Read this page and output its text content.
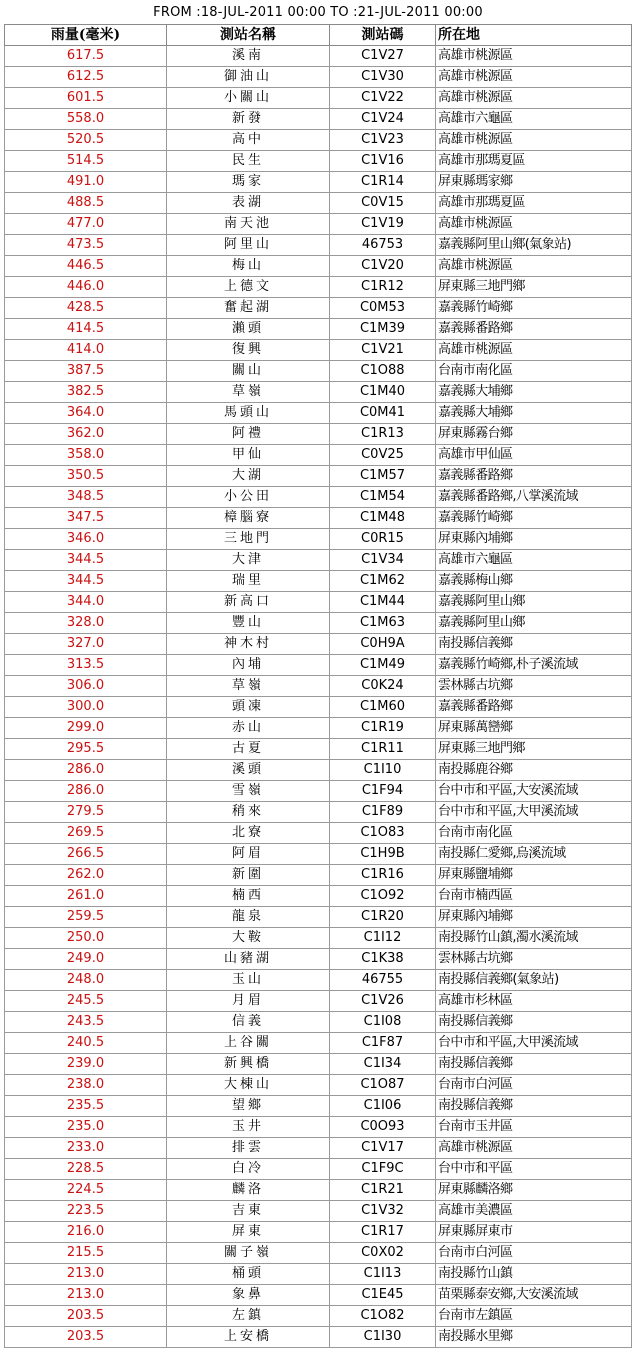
FROM :18-JUL-2011 00:00 TO :21-JUL-2011 00:00
雨量(毫米)	測站名稱	測站碼	所在地
617.5	溪南	C1V27	高雄市桃源區
612.5	御油山	C1V30	高雄市桃源區
601.5	小關山	C1V22	高雄市桃源區
558.0	新發	C1V24	高雄市六龜區
520.5	高中	C1V23	高雄市桃源區
514.5	民生	C1V16	高雄市那瑪夏區
491.0	瑪家	C1R14	屏東縣瑪家鄉
488.5	表湖	C0V15	高雄市那瑪夏區
477.0	南天池	C1V19	高雄市桃源區
473.5	阿里山	46753	嘉義縣阿里山鄉(氣象站)
446.5	梅山	C1V20	高雄市桃源區
446.0	上德文	C1R12	屏東縣三地門鄉
428.5	奮起湖	C0M53	嘉義縣竹崎鄉
414.5	瀨頭	C1M39	嘉義縣番路鄉
414.0	復興	C1V21	高雄市桃源區
387.5	關山	C1O88	台南市南化區
382.5	草嶺	C1M40	嘉義縣大埔鄉
364.0	馬頭山	C0M41	嘉義縣大埔鄉
362.0	阿禮	C1R13	屏東縣霧台鄉
358.0	甲仙	C0V25	高雄市甲仙區
350.5	大湖	C1M57	嘉義縣番路鄉
348.5	小公田	C1M54	嘉義縣番路鄉,八掌溪流域
347.5	樟腦寮	C1M48	嘉義縣竹崎鄉
346.0	三地門	C0R15	屏東縣內埔鄉
344.5	大津	C1V34	高雄市六龜區
344.5	瑞里	C1M62	嘉義縣梅山鄉
344.0	新高口	C1M44	嘉義縣阿里山鄉
328.0	豐山	C1M63	嘉義縣阿里山鄉
327.0	神木村	C0H9A	南投縣信義鄉
313.5	內埔	C1M49	嘉義縣竹崎鄉,朴子溪流域
306.0	草嶺	C0K24	雲林縣古坑鄉
300.0	頭凍	C1M60	嘉義縣番路鄉
299.0	赤山	C1R19	屏東縣萬巒鄉
295.5	古夏	C1R11	屏東縣三地門鄉
286.0	溪頭	C1I10	南投縣鹿谷鄉
286.0	雪嶺	C1F94	台中市和平區,大安溪流域
279.5	稍來	C1F89	台中市和平區,大甲溪流域
269.5	北寮	C1O83	台南市南化區
266.5	阿眉	C1H9B	南投縣仁愛鄉,烏溪流域
262.0	新圍	C1R16	屏東縣鹽埔鄉
261.0	楠西	C1O92	台南市楠西區
259.5	龍泉	C1R20	屏東縣內埔鄉
250.0	大鞍	C1I12	南投縣竹山鎮,濁水溪流域
249.0	山豬湖	C1K38	雲林縣古坑鄉
248.0	玉山	46755	南投縣信義鄉(氣象站)
245.5	月眉	C1V26	高雄市杉林區
243.5	信義	C1I08	南投縣信義鄉
240.5	上谷關	C1F87	台中市和平區,大甲溪流域
239.0	新興橋	C1I34	南投縣信義鄉
238.0	大棟山	C1O87	台南市白河區
235.5	望鄉	C1I06	南投縣信義鄉
235.0	玉井	C0O93	台南市玉井區
233.0	排雲	C1V17	高雄市桃源區
228.5	白冷	C1F9C	台中市和平區
224.5	麟洛	C1R21	屏東縣麟洛鄉
223.5	吉東	C1V32	高雄市美濃區
216.0	屏東	C1R17	屏東縣屏東市
215.5	關子嶺	C0X02	台南市白河區
213.0	桶頭	C1I13	南投縣竹山鎮
213.0	象鼻	C1E45	苗栗縣泰安鄉,大安溪流域
203.5	左鎮	C1O82	台南市左鎮區
203.5	上安橋	C1I30	南投縣水里鄉
